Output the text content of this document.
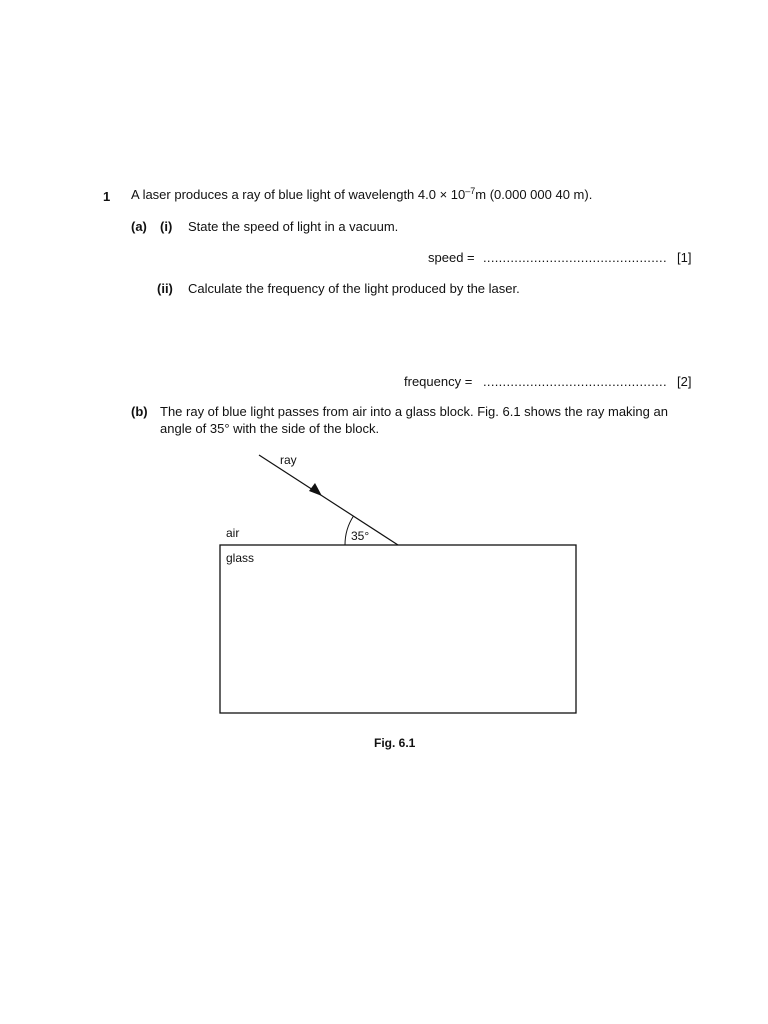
1 A laser produces a ray of blue light of wavelength $4.0 \times 10^{-7}m$ (0.000 000 40 m).
(a) (i) State the speed of light in a vacuum.
speed = ............................................... [1]
(ii) Calculate the frequency of the light produced by the laser.
frequency = ............................................... [2]
(b) The ray of blue light passes from air into a glass block. Fig. 6.1 shows the ray making an angle of 35° with the side of the block.
ray
air
glass
35°
Fig. 6.1
